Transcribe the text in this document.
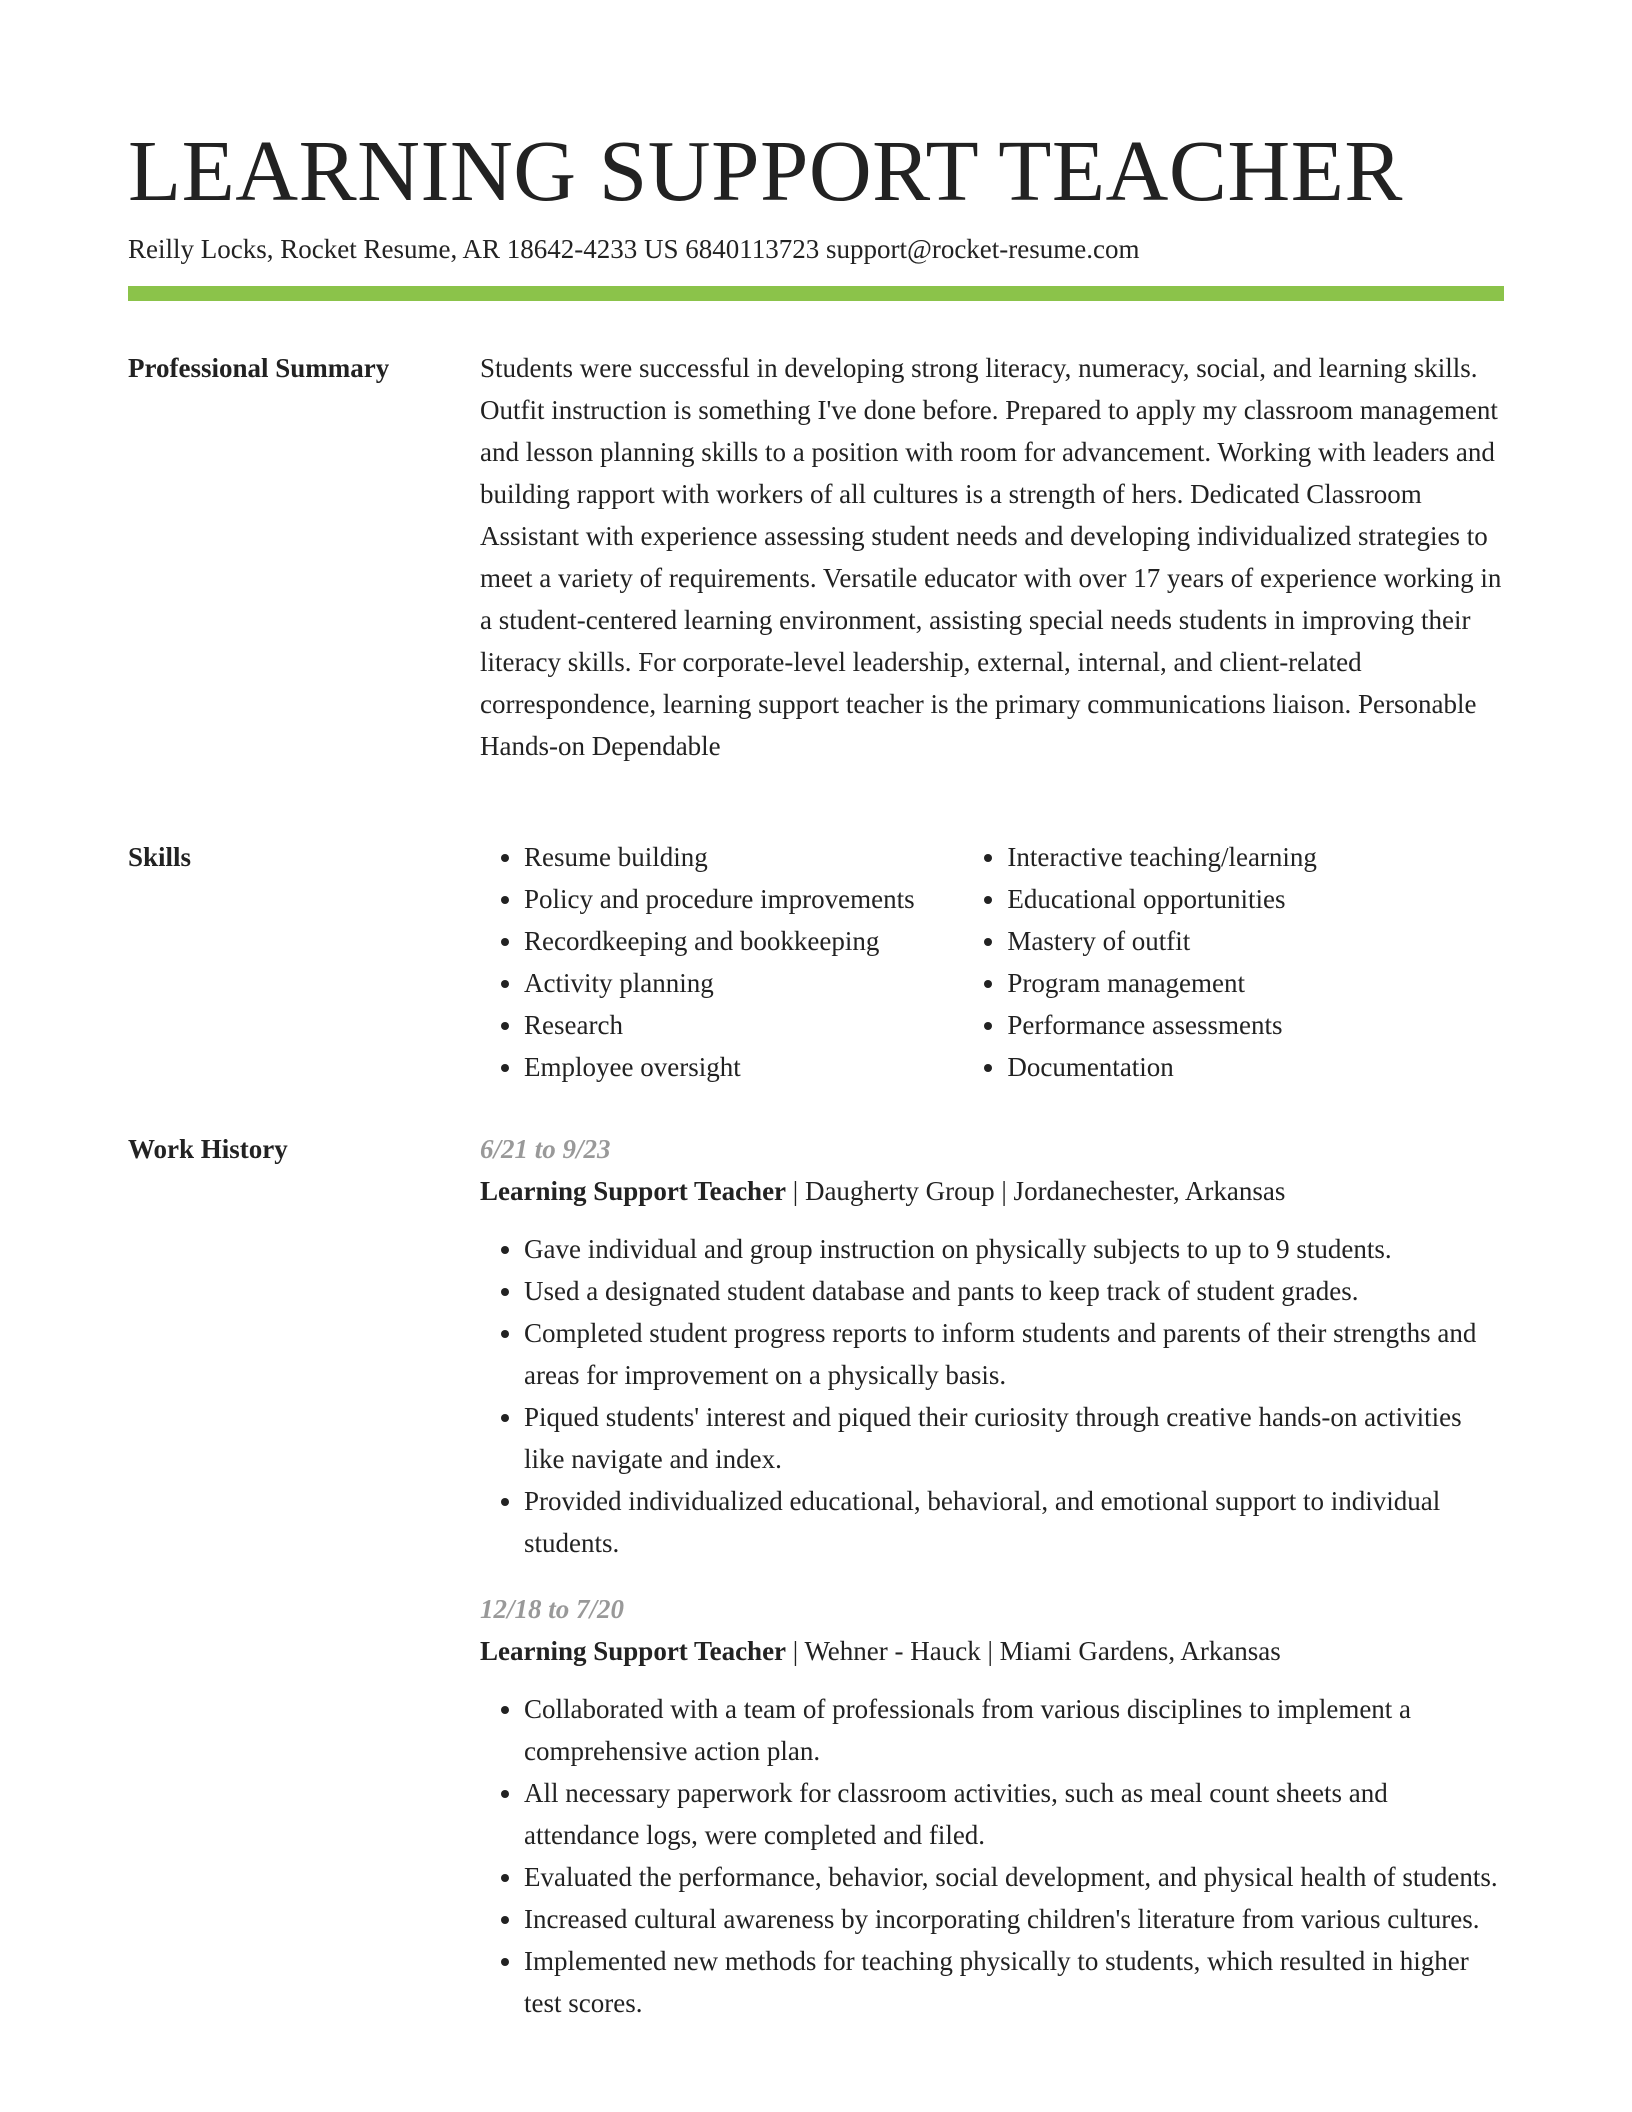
LEARNING SUPPORT TEACHER
Reilly Locks, Rocket Resume, AR 18642-4233 US 6840113723 support@rocket-resume.com
Professional Summary	Students were successful in developing strong literacy, numeracy, social, and learning skills. Outfit instruction is something I've done before. Prepared to apply my classroom management and lesson planning skills to a position with room for advancement. Working with leaders and building rapport with workers of all cultures is a strength of hers. Dedicated Classroom Assistant with experience assessing student needs and developing individualized strategies to meet a variety of requirements. Versatile educator with over 17 years of experience working in a student-centered learning environment, assisting special needs students in improving their literacy skills. For corporate-level leadership, external, internal, and client-related correspondence, learning support teacher is the primary communications liaison. Personable Hands-on Dependable

Skills
•	Resume building
• Policy and procedure improvements
• Recordkeeping and bookkeeping
• Activity planning
• Research
• Employee oversight
• Interactive teaching/learning
• Educational opportunities
• Mastery of outfit
• Program management
• Performance assessments
• Documentation
Work History	6/21 to 9/23
Learning Support Teacher | Daugherty Group | Jordanechester, Arkansas
• Gave individual and group instruction on physically subjects to up to 9 students.
• Used a designated student database and pants to keep track of student grades.
• Completed student progress reports to inform students and parents of their strengths and areas for improvement on a physically basis.
• Piqued students' interest and piqued their curiosity through creative hands-on activities like navigate and index.
• Provided individualized educational, behavioral, and emotional support to individual students.
12/18 to 7/20
Learning Support Teacher | Wehner - Hauck | Miami Gardens, Arkansas
• Collaborated with a team of professionals from various disciplines to implement a comprehensive action plan.
• All necessary paperwork for classroom activities, such as meal count sheets and attendance logs, were completed and filed.
• Evaluated the performance, behavior, social development, and physical health of students.
• Increased cultural awareness by incorporating children's literature from various cultures.
• Implemented new methods for teaching physically to students, which resulted in higher test scores.
